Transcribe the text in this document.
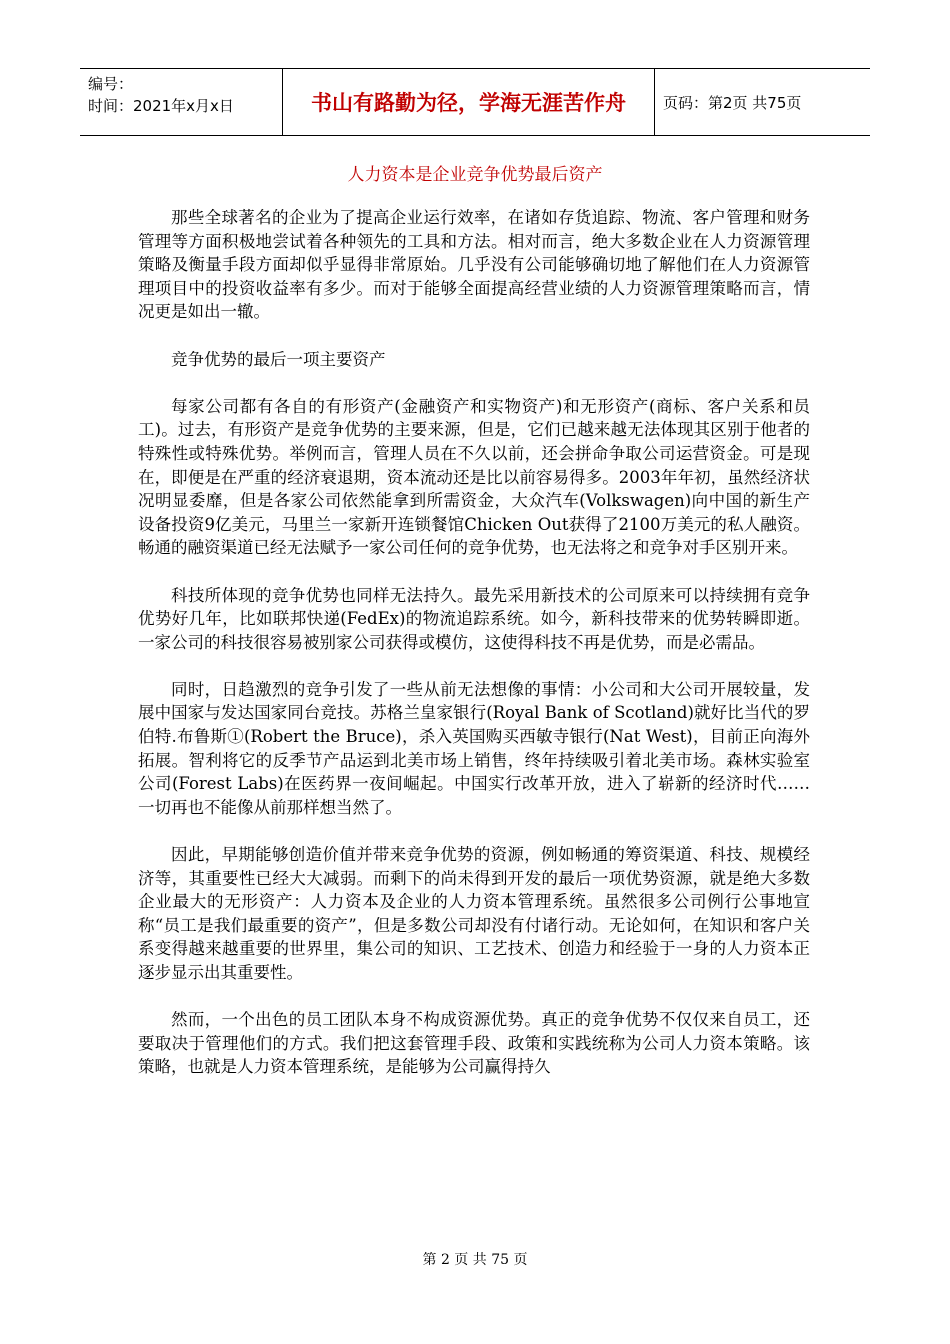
编号：
时间：2021年x月x日	书山有路勤为径，学海无涯苦作舟	页码：第2页 共75页
人力资本是企业竞争优势最后资产

那些全球著名的企业为了提高企业运行效率，在诸如存货追踪、物流、客户管理和财务管理等方面积极地尝试着各种领先的工具和方法。相对而言，绝大多数企业在人力资源管理策略及衡量手段方面却似乎显得非常原始。几乎没有公司能够确切地了解他们在人力资源管理项目中的投资收益率有多少。而对于能够全面提高经营业绩的人力资源管理策略而言，情况更是如出一辙。

竞争优势的最后一项主要资产

每家公司都有各自的有形资产(金融资产和实物资产)和无形资产(商标、客户关系和员工)。过去，有形资产是竞争优势的主要来源，但是，它们已越来越无法体现其区别于他者的特殊性或特殊优势。举例而言，管理人员在不久以前，还会拼命争取公司运营资金。可是现在，即便是在严重的经济衰退期，资本流动还是比以前容易得多。2003年年初，虽然经济状况明显委靡，但是各家公司依然能拿到所需资金，大众汽车(Volkswagen)向中国的新生产设备投资9亿美元，马里兰一家新开连锁餐馆Chicken Out获得了2100万美元的私人融资。畅通的融资渠道已经无法赋予一家公司任何的竞争优势，也无法将之和竞争对手区别开来。

科技所体现的竞争优势也同样无法持久。最先采用新技术的公司原来可以持续拥有竞争优势好几年，比如联邦快递(FedEx)的物流追踪系统。如今，新科技带来的优势转瞬即逝。一家公司的科技很容易被别家公司获得或模仿，这使得科技不再是优势，而是必需品。

同时，日趋激烈的竞争引发了一些从前无法想像的事情：小公司和大公司开展较量，发展中国家与发达国家同台竞技。苏格兰皇家银行(Royal Bank of Scotland)就好比当代的罗伯特.布鲁斯①(Robert the Bruce)，杀入英国购买西敏寺银行(Nat West)，目前正向海外拓展。智利将它的反季节产品运到北美市场上销售，终年持续吸引着北美市场。森林实验室公司(Forest Labs)在医药界一夜间崛起。中国实行改革开放，进入了崭新的经济时代……一切再也不能像从前那样想当然了。

因此，早期能够创造价值并带来竞争优势的资源，例如畅通的筹资渠道、科技、规模经济等，其重要性已经大大减弱。而剩下的尚未得到开发的最后一项优势资源，就是绝大多数企业最大的无形资产：人力资本及企业的人力资本管理系统。虽然很多公司例行公事地宣称“员工是我们最重要的资产”，但是多数公司却没有付诸行动。无论如何，在知识和客户关系变得越来越重要的世界里，集公司的知识、工艺技术、创造力和经验于一身的人力资本正逐步显示出其重要性。

然而，一个出色的员工团队本身不构成资源优势。真正的竞争优势不仅仅来自员工，还要取决于管理他们的方式。我们把这套管理手段、政策和实践统称为公司人力资本策略。该策略，也就是人力资本管理系统，是能够为公司赢得持久

第 2 页 共 75 页
